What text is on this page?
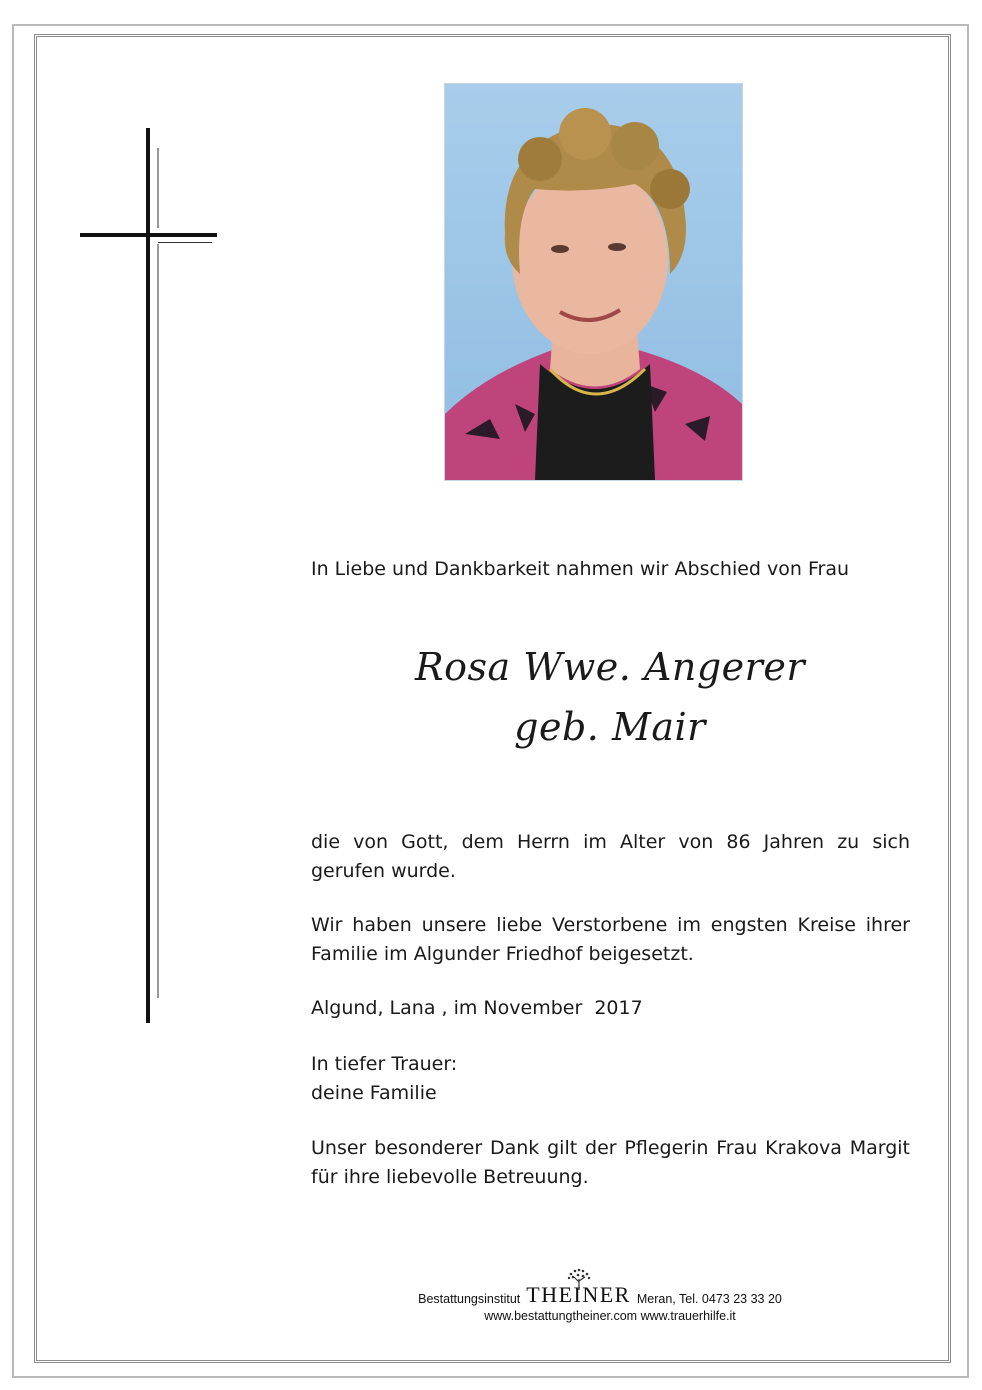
In Liebe und Dankbarkeit nahmen wir Abschied von Frau
Rosa Wwe. Angerer
geb. Mair
die von Gott, dem Herrn im Alter von 86 Jahren zu sich gerufen wurde.
Wir haben unsere liebe Verstorbene im engsten Kreise ihrer Familie im Algunder Friedhof beigesetzt.
Algund, Lana , im November  2017
In tiefer Trauer:
deine Familie
Unser besonderer Dank gilt der Pflegerin Frau Krakova Margit für ihre liebevolle Betreuung.
Bestattungsinstitut THEINER Meran, Tel. 0473 23 33 20
www.bestattungtheiner.com www.trauerhilfe.it
